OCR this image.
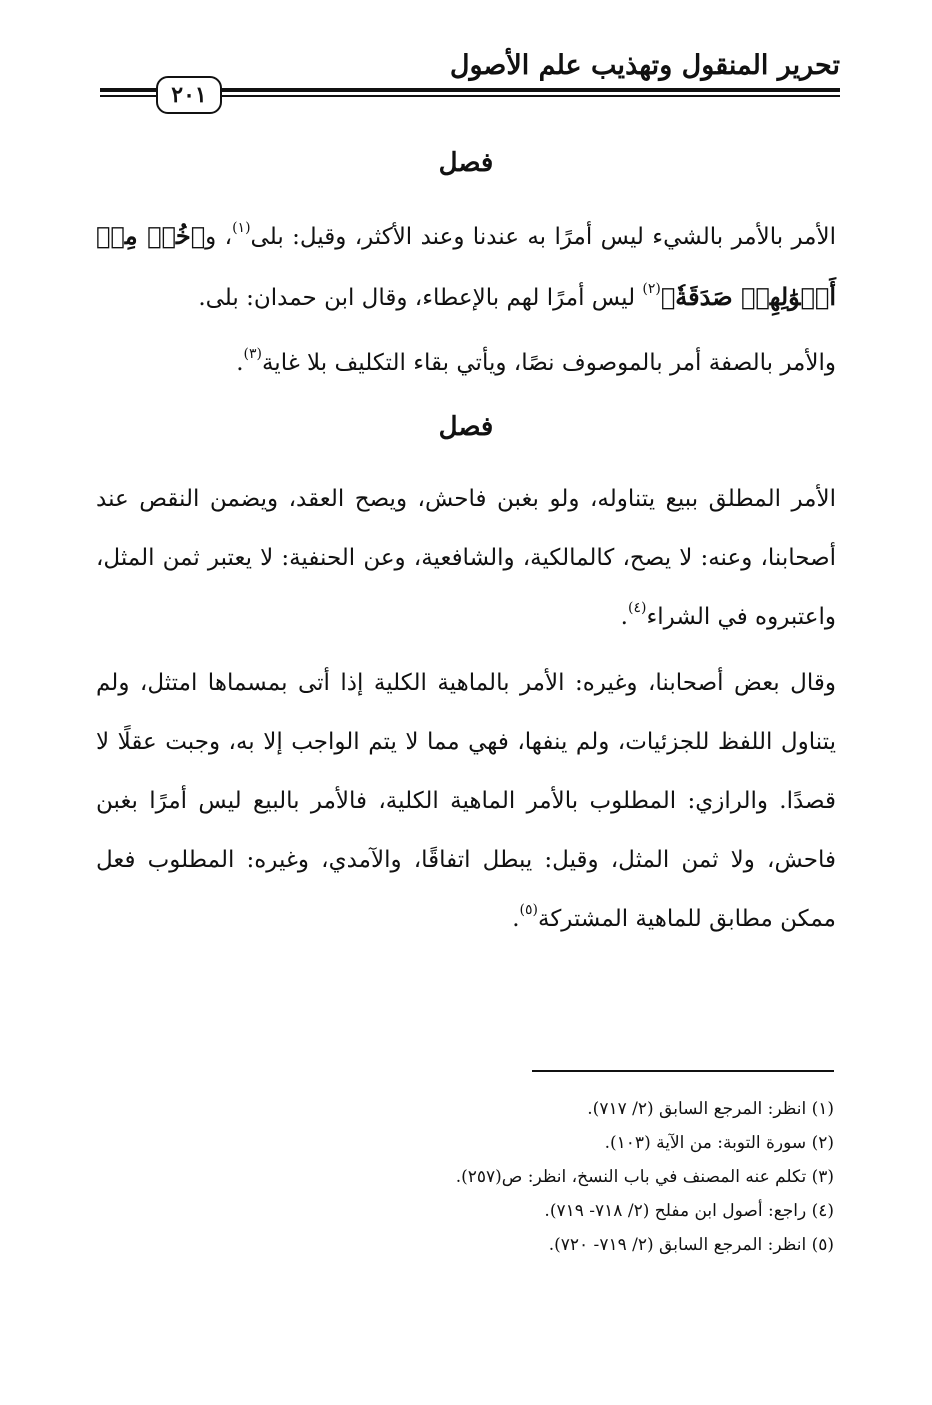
تحرير المنقول وتهذيب علم الأصول
٢٠١
فصل

الأمر بالأمر بالشيء ليس أمرًا به عندنا وعند الأكثر، وقيل: بلى$^{(١)}$، و﴿خُذۡ مِنۡ أَمۡوَٰلِهِمۡ صَدَقَةٗ﴾$^{(٢)}$ ليس أمرًا لهم بالإعطاء، وقال ابن حمدان: بلى.

والأمر بالصفة أمر بالموصوف نصًا، ويأتي بقاء التكليف بلا غاية$^{(٣)}$.

فصل

الأمر المطلق ببيع يتناوله، ولو بغبن فاحش، ويصح العقد، ويضمن النقص عند أصحابنا، وعنه: لا يصح، كالمالكية، والشافعية، وعن الحنفية: لا يعتبر ثمن المثل، واعتبروه في الشراء$^{(٤)}$.

وقال بعض أصحابنا، وغيره: الأمر بالماهية الكلية إذا أتى بمسماها امتثل، ولم يتناول اللفظ للجزئيات، ولم ينفها، فهي مما لا يتم الواجب إلا به، وجبت عقلًا لا قصدًا. والرازي: المطلوب بالأمر الماهية الكلية، فالأمر بالبيع ليس أمرًا بغبن فاحش، ولا ثمن المثل، وقيل: يبطل اتفاقًا، والآمدي، وغيره: المطلوب فعل ممكن مطابق للماهية المشتركة$^{(٥)}$.

(١) انظر: المرجع السابق (٢/ ٧١٧).
(٢) سورة التوبة: من الآية (١٠٣).
(٣) تكلم عنه المصنف في باب النسخ، انظر: ص(٢٥٧).
(٤) راجع: أصول ابن مفلح (٢/ ٧١٨- ٧١٩).
(٥) انظر: المرجع السابق (٢/ ٧١٩- ٧٢٠).
